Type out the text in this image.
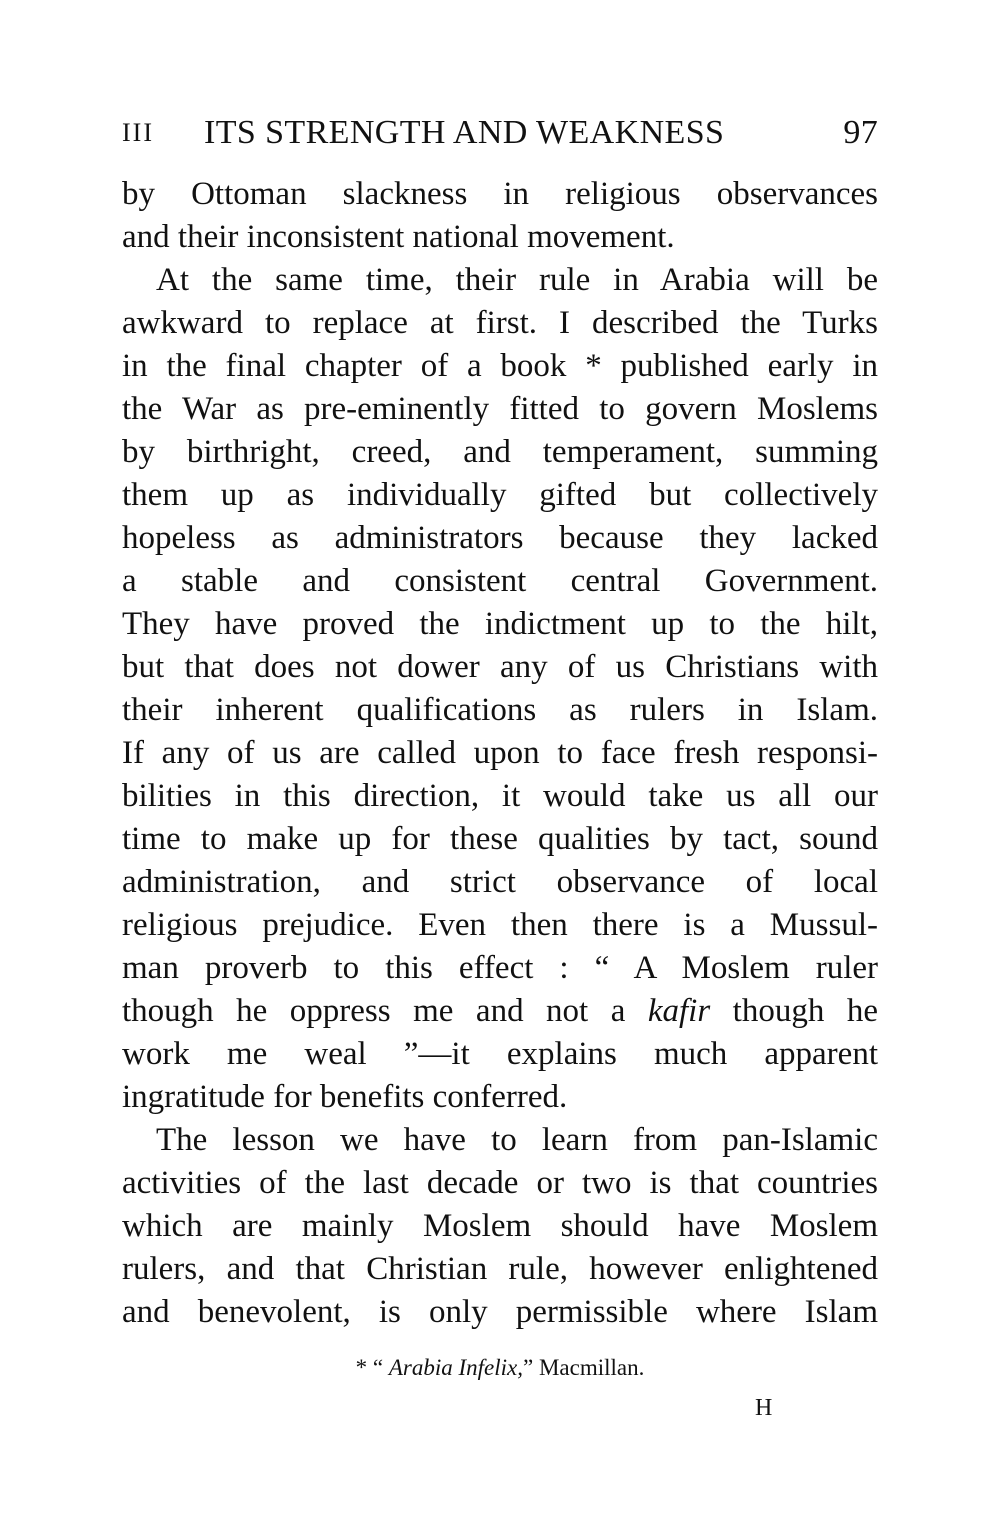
III ITS STRENGTH AND WEAKNESS	97
by Ottoman slackness in religious observances
and their inconsistent national movement.
At the same time, their rule in Arabia will be
awkward to replace at first. I described the Turks
in the final chapter of a book * published early in
the War as pre-eminently fitted to govern Moslems
by birthright, creed, and temperament, summing
them up as individually gifted but collectively
hopeless as administrators because they lacked
a stable and consistent central Government.
They have proved the indictment up to the hilt,
but that does not dower any of us Christians with
their inherent qualifications as rulers in Islam.
If any of us are called upon to face fresh responsi-
bilities in this direction, it would take us all our
time to make up for these qualities by tact, sound
administration, and strict observance of local
religious prejudice. Even then there is a Mussul-
man proverb to this effect : “ A Moslem ruler
though he oppress me and not a kafir though he
work me weal ”—it explains much apparent
ingratitude for benefits conferred.
The lesson we have to learn from pan-Islamic
activities of the last decade or two is that countries
which are mainly Moslem should have Moslem
rulers, and that Christian rule, however enlightened
and benevolent, is only permissible where Islam
* “ Arabia Infelix,” Macmillan.
H
